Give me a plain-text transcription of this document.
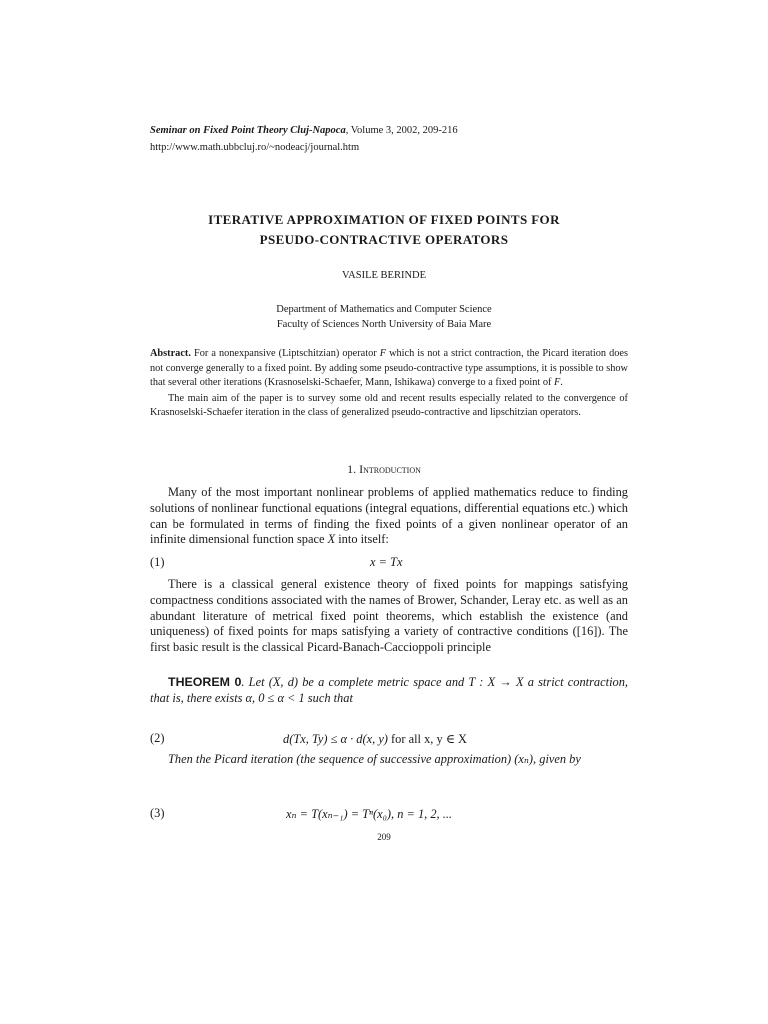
Seminar on Fixed Point Theory Cluj-Napoca, Volume 3, 2002, 209-216
http://www.math.ubbcluj.ro/~nodeacj/journal.htm
ITERATIVE APPROXIMATION OF FIXED POINTS FOR
PSEUDO-CONTRACTIVE OPERATORS
VASILE BERINDE
Department of Mathematics and Computer Science
Faculty of Sciences North University of Baia Mare

Abstract. For a nonexpansive (Liptschitzian) operator F which is not a strict contraction, the Picard iteration does not converge generally to a fixed point. By adding some pseudo-contractive type assumptions, it is possible to show that several other iterations (Krasnoselski-Schaefer, Mann, Ishikawa) converge to a fixed point of F.

The main aim of the paper is to survey some old and recent results especially related to the convergence of Krasnoselski-Schaefer iteration in the class of generalized pseudo-contractive and lipschitzian operators.

1. Introduction
Many of the most important nonlinear problems of applied mathematics reduce to finding solutions of nonlinear functional equations (integral equations, differential equations etc.) which can be formulated in terms of finding the fixed points of a given nonlinear operator of an infinite dimensional function space X into itself:
(1)	x = Tx
There is a classical general existence theory of fixed points for mappings satisfying compactness conditions associated with the names of Brower, Schander, Leray etc. as well as an abundant literature of metrical fixed point theorems, which establish the existence (and uniqueness) of fixed points for maps satisfying a variety of contractive conditions ([16]). The first basic result is the classical Picard-Banach-Caccioppoli principle
THEOREM 0. Let (X, d) be a complete metric space and T : X → X a strict contraction, that is, there exists α, 0 ≤ α < 1 such that
(2)	d(Tx, Ty) ≤ α · d(x, y) for all x, y ∈ X
Then the Picard iteration (the sequence of successive approximation) (xₙ), given by
(3)	xₙ = T(xₙ₋₁) = Tⁿ(x₀), n = 1, 2, ...
209
